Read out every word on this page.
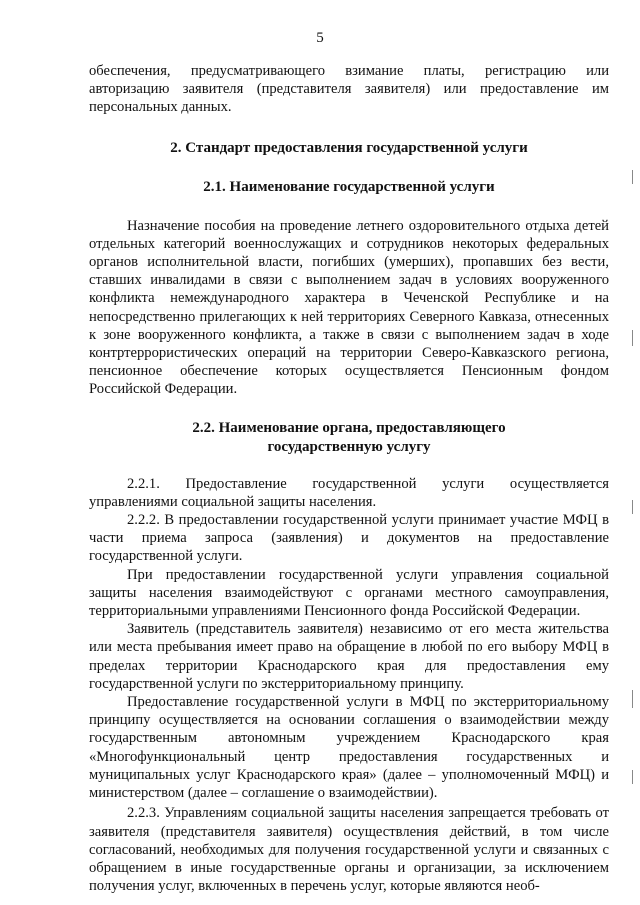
5

обеспечения, предусматривающего взимание платы, регистрацию или авторизацию заявителя (представителя заявителя) или предоставление им персональных данных.

2. Стандарт предоставления государственной услуги
2.1. Наименование государственной услуги

Назначение пособия на проведение летнего оздоровительного отдыха детей отдельных категорий военнослужащих и сотрудников некоторых федеральных органов исполнительной власти, погибших (умерших), пропавших без вести, ставших инвалидами в связи с выполнением задач в условиях вооруженного конфликта немеждународного характера в Чеченской Республике и на непосредственно прилегающих к ней территориях Северного Кавказа, отнесенных к зоне вооруженного конфликта, а также в связи с выполнением задач в ходе контртеррористических операций на территории Северо-Кавказского региона, пенсионное обеспечение которых осуществляется Пенсионным фондом Российской Федерации.

2.2. Наименование органа, предоставляющего
государственную услугу

2.2.1. Предоставление государственной услуги осуществляется управлениями социальной защиты населения.

2.2.2. В предоставлении государственной услуги принимает участие МФЦ в части приема запроса (заявления) и документов на предоставление государственной услуги.

При предоставлении государственной услуги управления социальной защиты населения взаимодействуют с органами местного самоуправления, территориальными управлениями Пенсионного фонда Российской Федерации.

Заявитель (представитель заявителя) независимо от его места жительства или места пребывания имеет право на обращение в любой по его выбору МФЦ в пределах территории Краснодарского края для предоставления ему государственной услуги по экстерриториальному принципу.

Предоставление государственной услуги в МФЦ по экстерриториальному принципу осуществляется на основании соглашения о взаимодействии между государственным автономным учреждением Краснодарского края «Многофункциональный центр предоставления государственных и муниципальных услуг Краснодарского края» (далее – уполномоченный МФЦ) и министерством (далее – соглашение о взаимодействии).

2.2.3. Управлениям социальной защиты населения запрещается требовать от заявителя (представителя заявителя) осуществления действий, в том числе согласований, необходимых для получения государственной услуги и связанных с обращением в иные государственные органы и организации, за исключением получения услуг, включенных в перечень услуг, которые являются необ-
